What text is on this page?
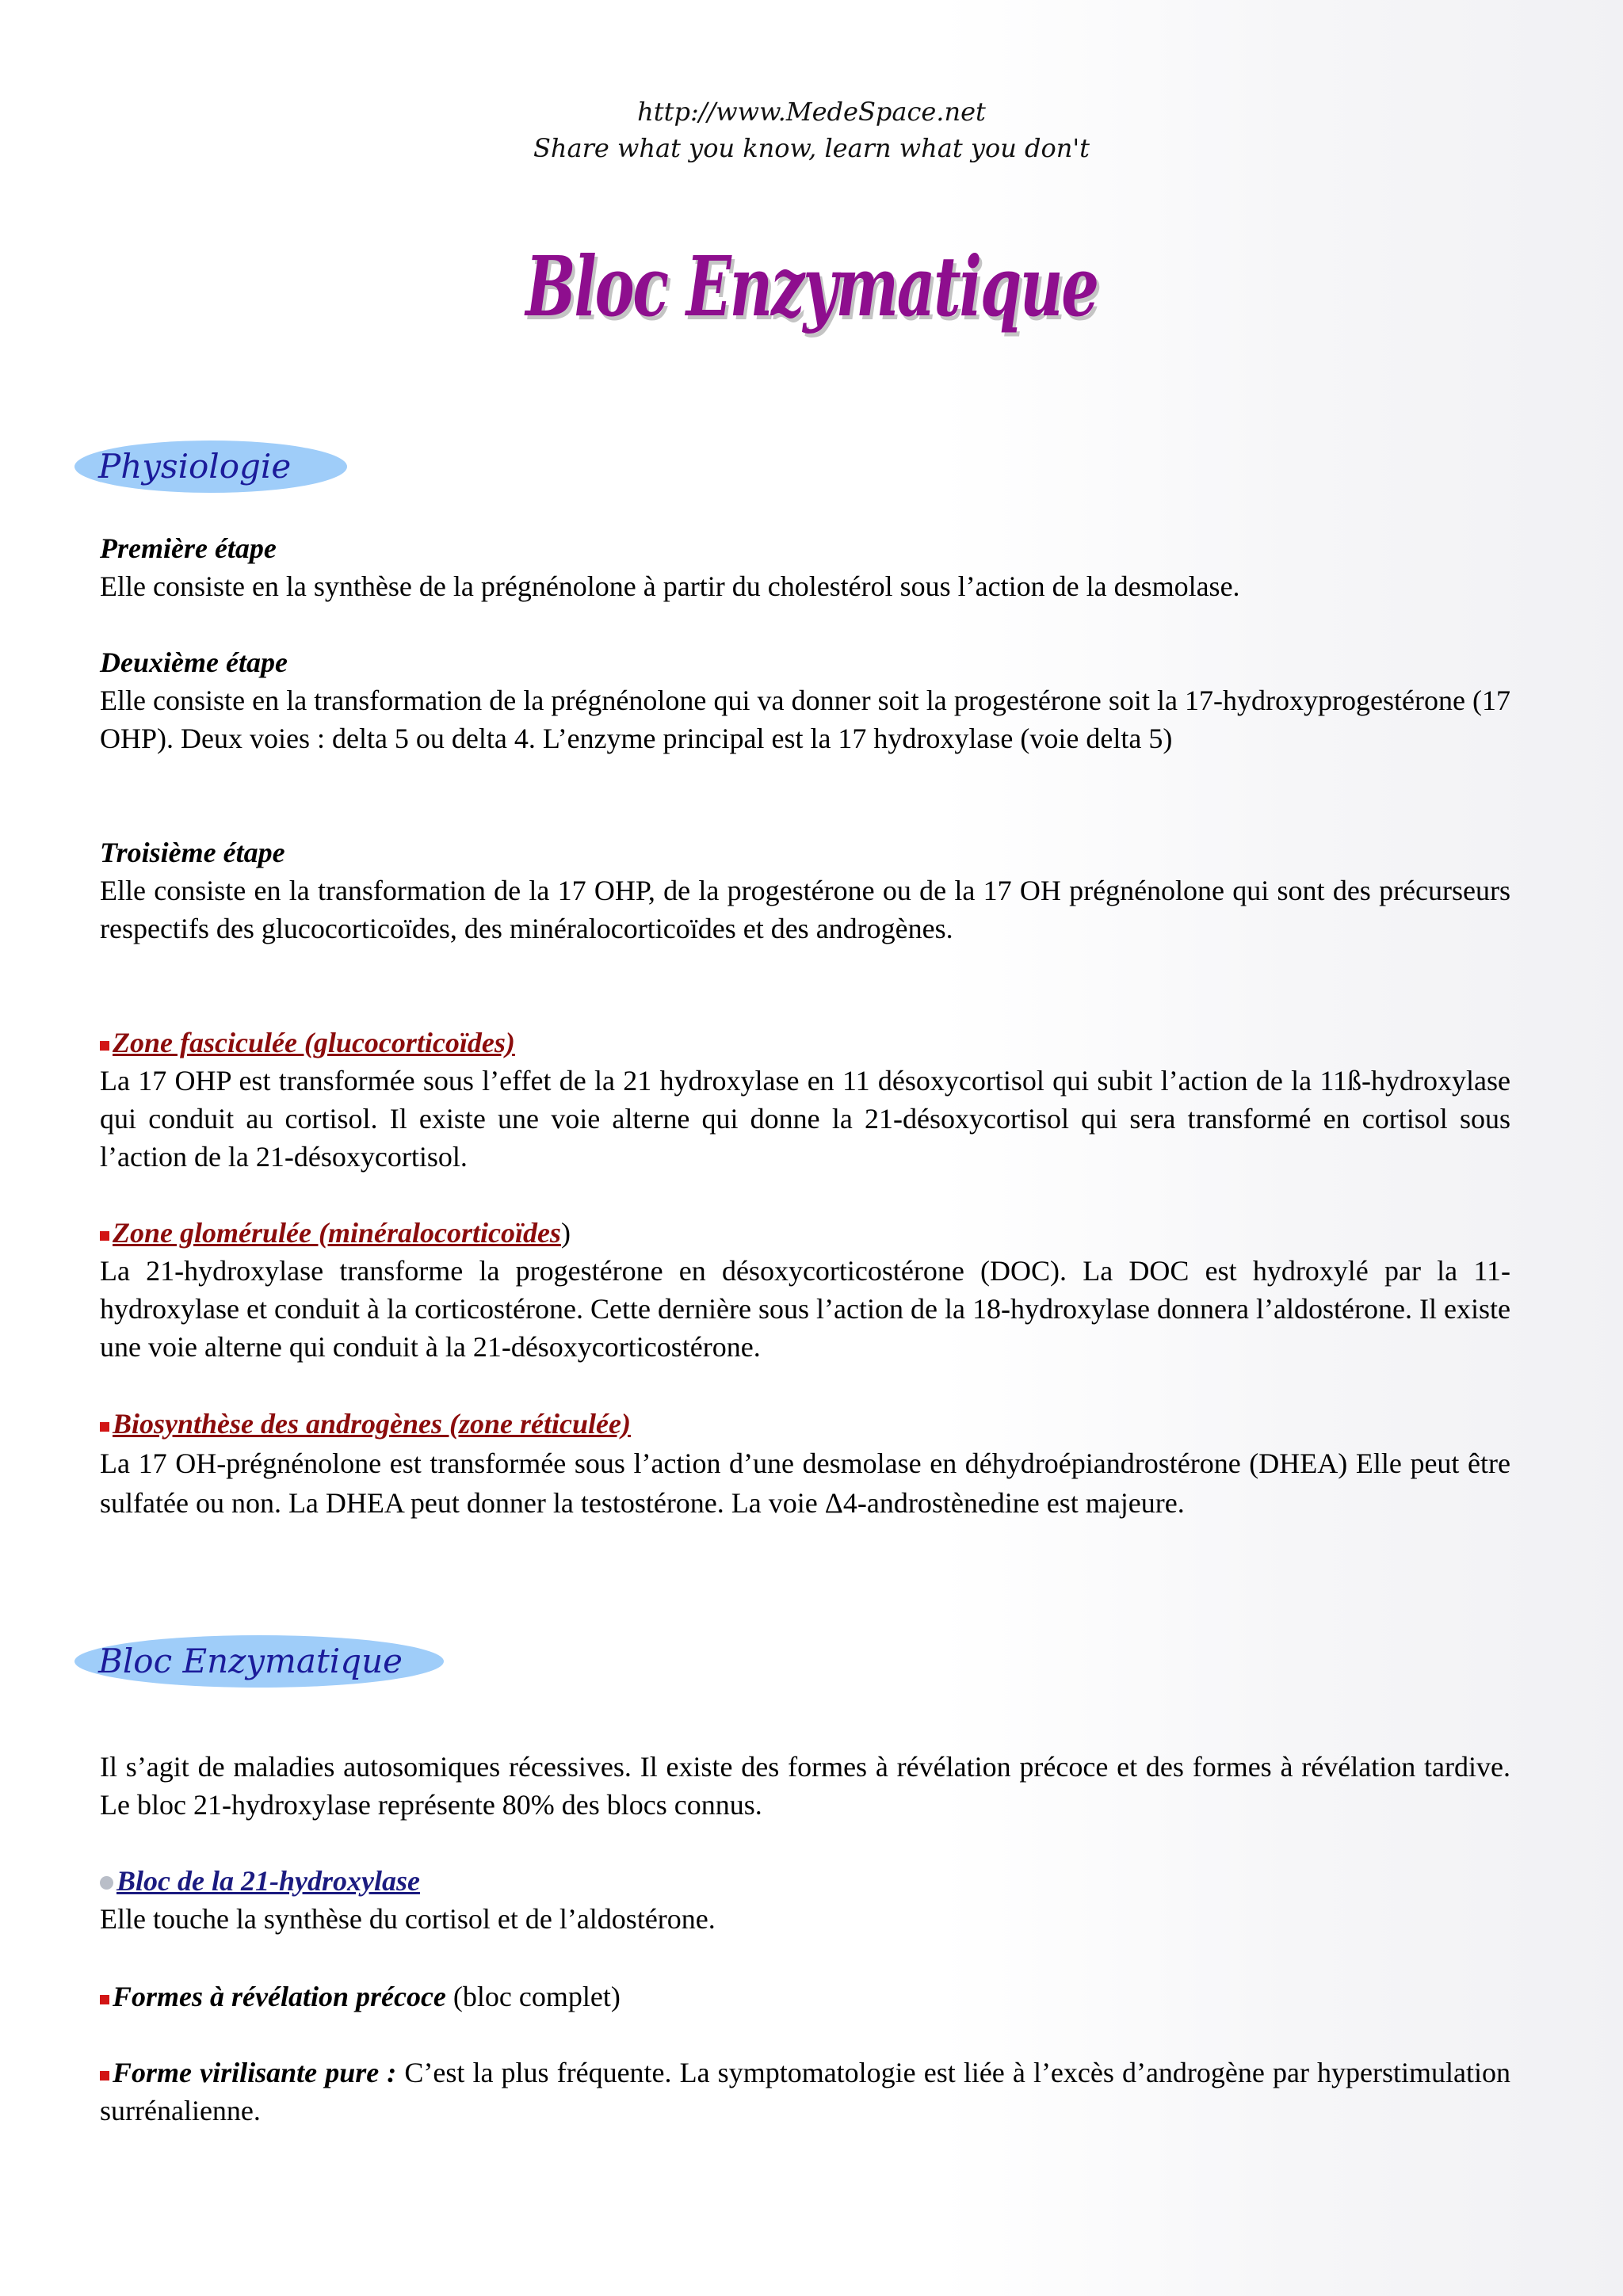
http://www.MedeSpace.net
Share what you know, learn what you don't
Bloc Enzymatique
Physiologie

Première étape

Elle consiste en la synthèse de la prégnénolone à partir du cholestérol sous l’action de la desmolase.

Deuxième étape

Elle consiste en la transformation de la prégnénolone qui va donner soit la progestérone soit la 17-hydroxyprogestérone (17 OHP). Deux voies : delta 5 ou delta 4. L’enzyme principal est la 17 hydroxylase (voie delta 5)

Troisième étape

Elle consiste en la transformation de la 17 OHP, de la progestérone ou de la 17 OH prégnénolone qui sont des précurseurs respectifs des glucocorticoïdes, des minéralocorticoïdes et des androgènes.

Zone fasciculée (glucocorticoïdes)

La 17 OHP est transformée sous l’effet de la 21 hydroxylase en 11 désoxycortisol qui subit l’action de la 11ß-hydroxylase qui conduit au cortisol. Il existe une voie alterne qui donne la 21-désoxycortisol qui sera transformé en cortisol sous l’action de la 21-désoxycortisol.

Zone glomérulée (minéralocorticoïdes)

La 21-hydroxylase transforme la progestérone en désoxycorticostérone (DOC). La DOC est hydroxylé par la 11-hydroxylase et conduit à la corticostérone. Cette dernière sous l’action de la 18-hydroxylase donnera l’aldostérone. Il existe une voie alterne qui conduit à la 21-désoxycorticostérone.

Biosynthèse des androgènes (zone réticulée)

La 17 OH-prégnénolone est transformée sous l’action d’une desmolase en déhydroépiandrostérone (DHEA) Elle peut être sulfatée ou non. La DHEA peut donner la testostérone. La voie Δ4-androstènedine est majeure.

Bloc Enzymatique

Il s’agit de maladies autosomiques récessives. Il existe des formes à révélation précoce et des formes à révélation tardive. Le bloc 21-hydroxylase représente 80% des blocs connus.

Bloc de la 21-hydroxylase

Elle touche la synthèse du cortisol et de l’aldostérone.

Formes à révélation précoce (bloc complet)

Forme virilisante pure : C’est la plus fréquente. La symptomatologie est liée à l’excès d’androgène par hyperstimulation surrénalienne.
